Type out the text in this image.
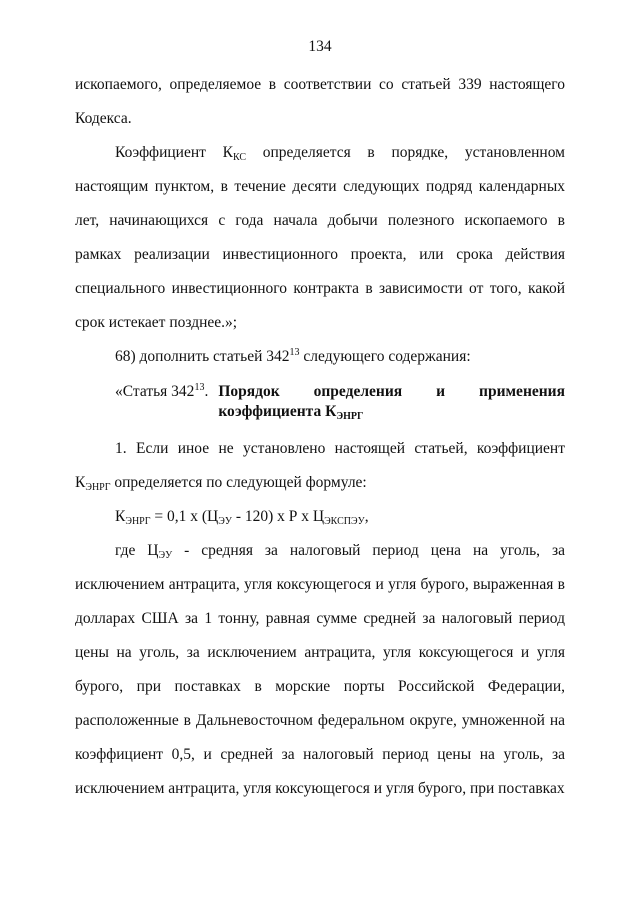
134

ископаемого, определяемое в соответствии со статьей 339 настоящего Кодекса.

Коэффициент $К_{КС}$ определяется в порядке, установленном настоящим пунктом, в течение десяти следующих подряд календарных лет, начинающихся с года начала добычи полезного ископаемого в рамках реализации инвестиционного проекта, или срока действия специального инвестиционного контракта в зависимости от того, какой срок истекает позднее.»;

68) дополнить статьей $342^{13}$ следующего содержания:

«Статья $342^{13}$. Порядок определения и применения коэффициента $К_{ЭНРГ}$

1. Если иное не установлено настоящей статьей, коэффициент $К_{ЭНРГ}$ определяется по следующей формуле:

$К_{ЭНРГ} = 0,1$ х $(Ц_{ЭУ} - 120)$ х Р х $Ц_{ЭКСПЭУ}$,

где $Ц_{ЭУ}$ - средняя за налоговый период цена на уголь, за исключением антрацита, угля коксующегося и угля бурого, выраженная в долларах США за 1 тонну, равная сумме средней за налоговый период цены на уголь, за исключением антрацита, угля коксующегося и угля бурого, при поставках в морские порты Российской Федерации, расположенные в Дальневосточном федеральном округе, умноженной на коэффициент 0,5, и средней за налоговый период цены на уголь, за исключением антрацита, угля коксующегося и угля бурого, при поставках
